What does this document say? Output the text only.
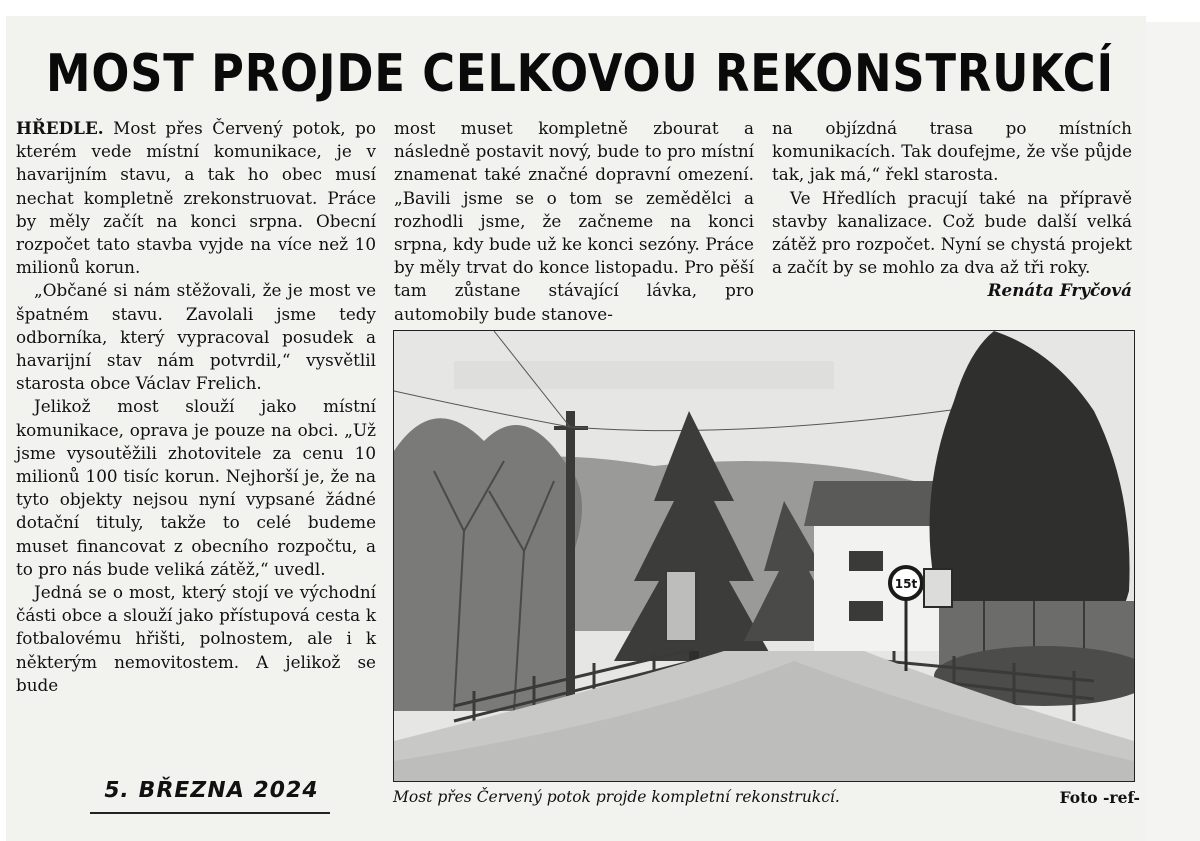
MOST PROJDE CELKOVOU REKONSTRUKCÍ

HŘEDLE. Most přes Červený potok, po kterém vede místní komunikace, je v havarijním stavu, a tak ho obec musí nechat kompletně zrekonstruovat. Práce by měly začít na konci srpna. Obecní rozpočet tato stavba vyjde na více než 10 milionů korun.

„Občané si nám stěžovali, že je most ve špatném stavu. Zavolali jsme tedy odborníka, který vypracoval posudek a havarijní stav nám potvrdil,“ vysvětlil starosta obce Václav Frelich.

Jelikož most slouží jako místní komunikace, oprava je pouze na obci. „Už jsme vysoutěžili zhotovitele za cenu 10 milionů 100 tisíc korun. Nejhorší je, že na tyto objekty nejsou nyní vypsané žádné dotační tituly, takže to celé budeme muset financovat z obecního rozpočtu, a to pro nás bude veliká zátěž,“ uvedl.

Jedná se o most, který stojí ve východní části obce a slouží jako přístupová cesta k fotbalovému hřišti, polnostem, ale i k některým nemovitostem. A jelikož se bude

most muset kompletně zbourat a následně postavit nový, bude to pro místní znamenat také značné dopravní omezení. „Bavili jsme se o tom se zemědělci a rozhodli jsme, že začneme na konci srpna, kdy bude už ke konci sezóny. Práce by měly trvat do konce listopadu. Pro pěší tam zůstane stávající lávka, pro automobily bude stanove-

na objízdná trasa po místních komunikacích. Tak doufejme, že vše půjde tak, jak má,“ řekl starosta.

Ve Hředlích pracují také na přípravě stavby kanalizace. Což bude další velká zátěž pro rozpočet. Nyní se chystá projekt a začít by se mohlo za dva až tři roky.

Renáta Fryčová

15t
5. BŘEZNA 2024	Most přes Červený potok projde kompletní rekonstrukcí.	Foto -ref-
